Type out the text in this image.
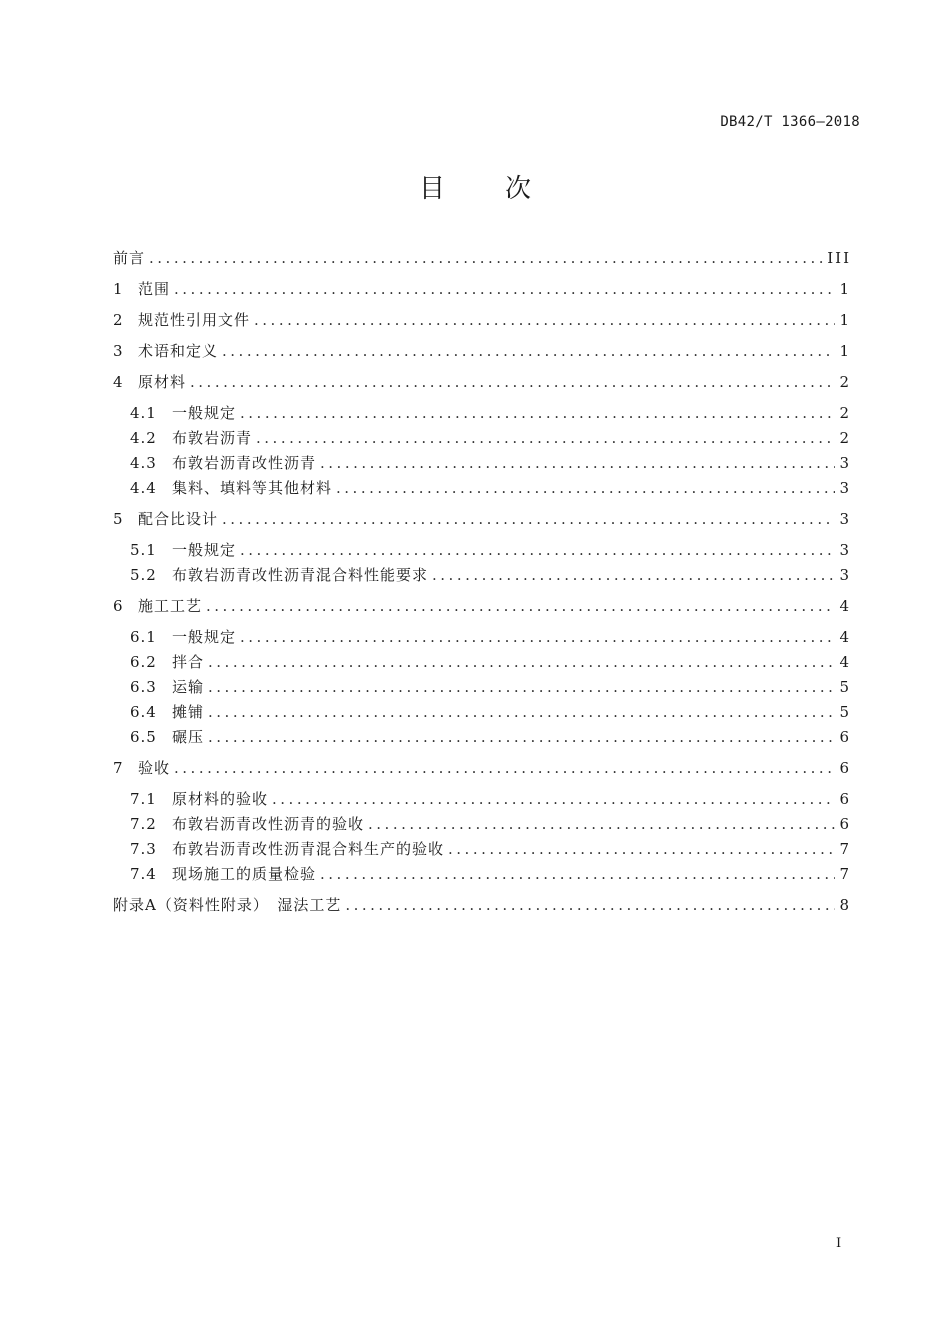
DB42/T 1366—2018
目次
前言 .....	III
1	范围 .....	1
2	规范性引用文件 .....	1
3	术语和定义 .....	1
4	原材料 .....	2
4.1	一般规定 .....	2
4.2	布敦岩沥青 .....	2
4.3	布敦岩沥青改性沥青 .....	3
4.4	集料、填料等其他材料 .....	3
5	配合比设计 .....	3
5.1	一般规定 .....	3
5.2	布敦岩沥青改性沥青混合料性能要求 .....	3
6	施工工艺 .....	4
6.1	一般规定 .....	4
6.2	拌合 .....	4
6.3	运输 .....	5
6.4	摊铺 .....	5
6.5	碾压 .....	6
7	验收 .....	6
7.1	原材料的验收 .....	6
7.2	布敦岩沥青改性沥青的验收 .....	6
7.3	布敦岩沥青改性沥青混合料生产的验收 .....	7
7.4	现场施工的质量检验 .....	7
附录A（资料性附录）　湿法工艺 .....	8
I
